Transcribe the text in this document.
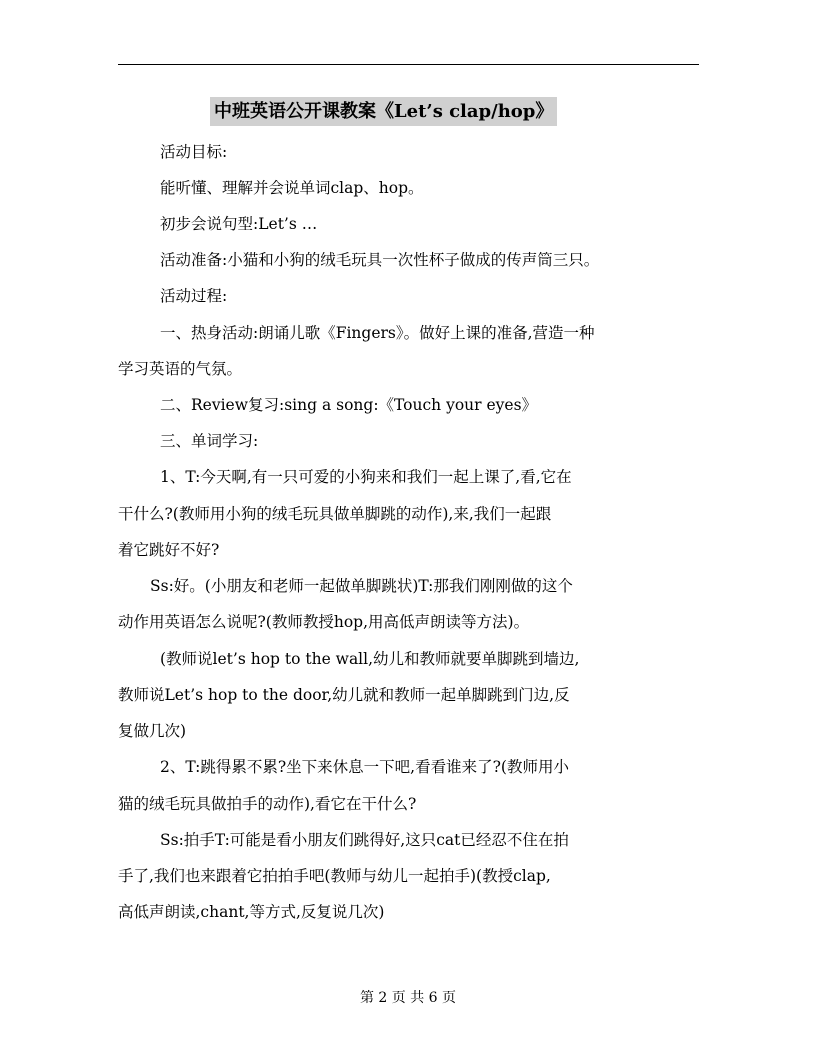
中班英语公开课教案《Let’s clap/hop》
活动目标:
能听懂、理解并会说单词clap、hop。
初步会说句型:Let’s …
活动准备:小猫和小狗的绒毛玩具一次性杯子做成的传声筒三只。
活动过程:
一、热身活动:朗诵儿歌《Fingers》。做好上课的准备,营造一种
学习英语的气氛。
二、Review复习:sing a song:《Touch your eyes》
三、单词学习:
1、T:今天啊,有一只可爱的小狗来和我们一起上课了,看,它在
干什么?(教师用小狗的绒毛玩具做单脚跳的动作),来,我们一起跟
着它跳好不好?
Ss:好。(小朋友和老师一起做单脚跳状)T:那我们刚刚做的这个
动作用英语怎么说呢?(教师教授hop,用高低声朗读等方法)。
(教师说let’s hop to the wall,幼儿和教师就要单脚跳到墙边,
教师说Let’s hop to the door,幼儿就和教师一起单脚跳到门边,反
复做几次)
2、T:跳得累不累?坐下来休息一下吧,看看谁来了?(教师用小
猫的绒毛玩具做拍手的动作),看它在干什么?
Ss:拍手T:可能是看小朋友们跳得好,这只cat已经忍不住在拍
手了,我们也来跟着它拍拍手吧(教师与幼儿一起拍手)(教授clap,
高低声朗读,chant,等方式,反复说几次)
第 2 页 共 6 页
